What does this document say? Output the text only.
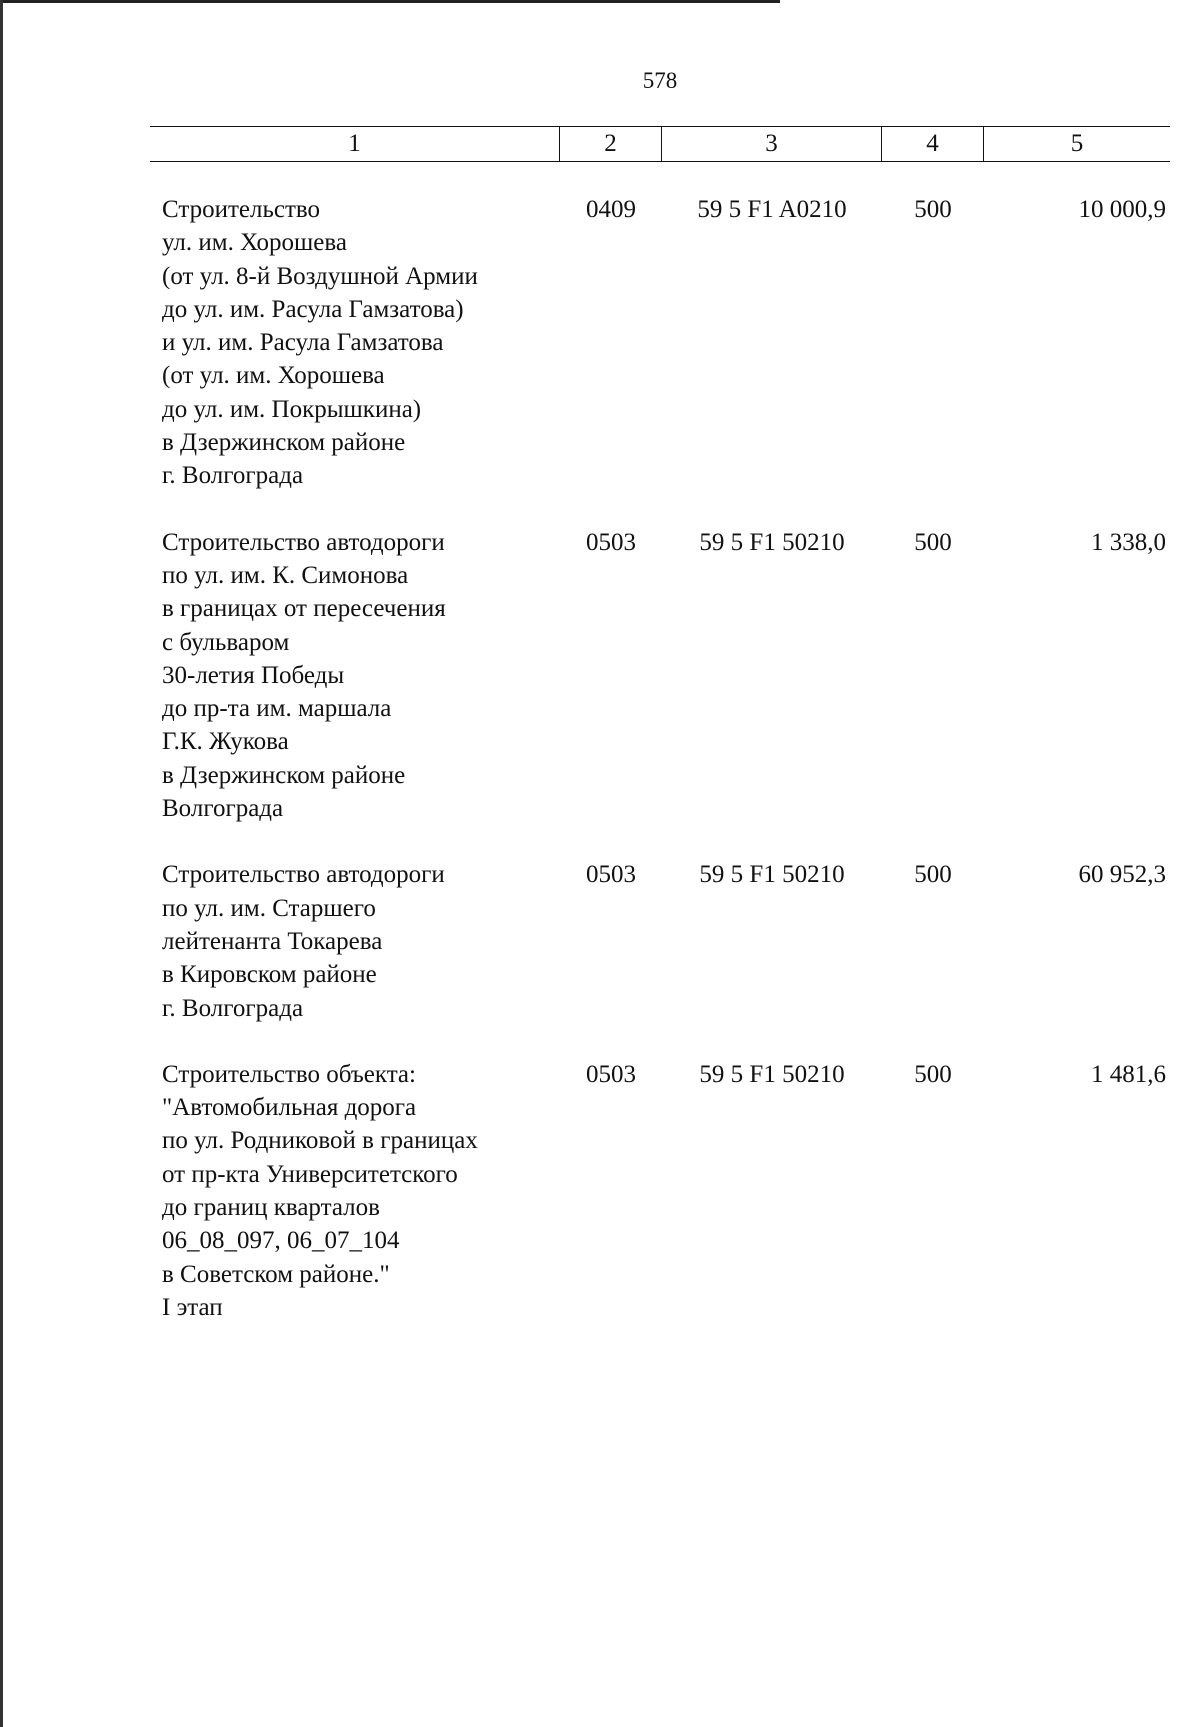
578
1	2	3	4	5
Строительство
ул. им. Хорошева
(от ул. 8-й Воздушной Армии
до ул. им. Расула Гамзатова)
и ул. им. Расула Гамзатова
(от ул. им. Хорошева
до ул. им. Покрышкина)
в Дзержинском районе
г. Волгограда
0409	59 5 F1 A0210	500	10 000,9
Строительство автодороги
по ул. им. К. Симонова
в границах от пересечения
с бульваром
30-летия Победы
до пр-та им. маршала
Г.К. Жукова
в Дзержинском районе
Волгограда
0503	59 5 F1 50210	500	1 338,0
Строительство автодороги
по ул. им. Старшего
лейтенанта Токарева
в Кировском районе
г. Волгограда
0503	59 5 F1 50210	500	60 952,3
Строительство объекта:
"Автомобильная дорога
по ул. Родниковой в границах
от пр-кта Университетского
до границ кварталов
06_08_097, 06_07_104
в Советском районе."
I этап
0503	59 5 F1 50210	500	1 481,6
